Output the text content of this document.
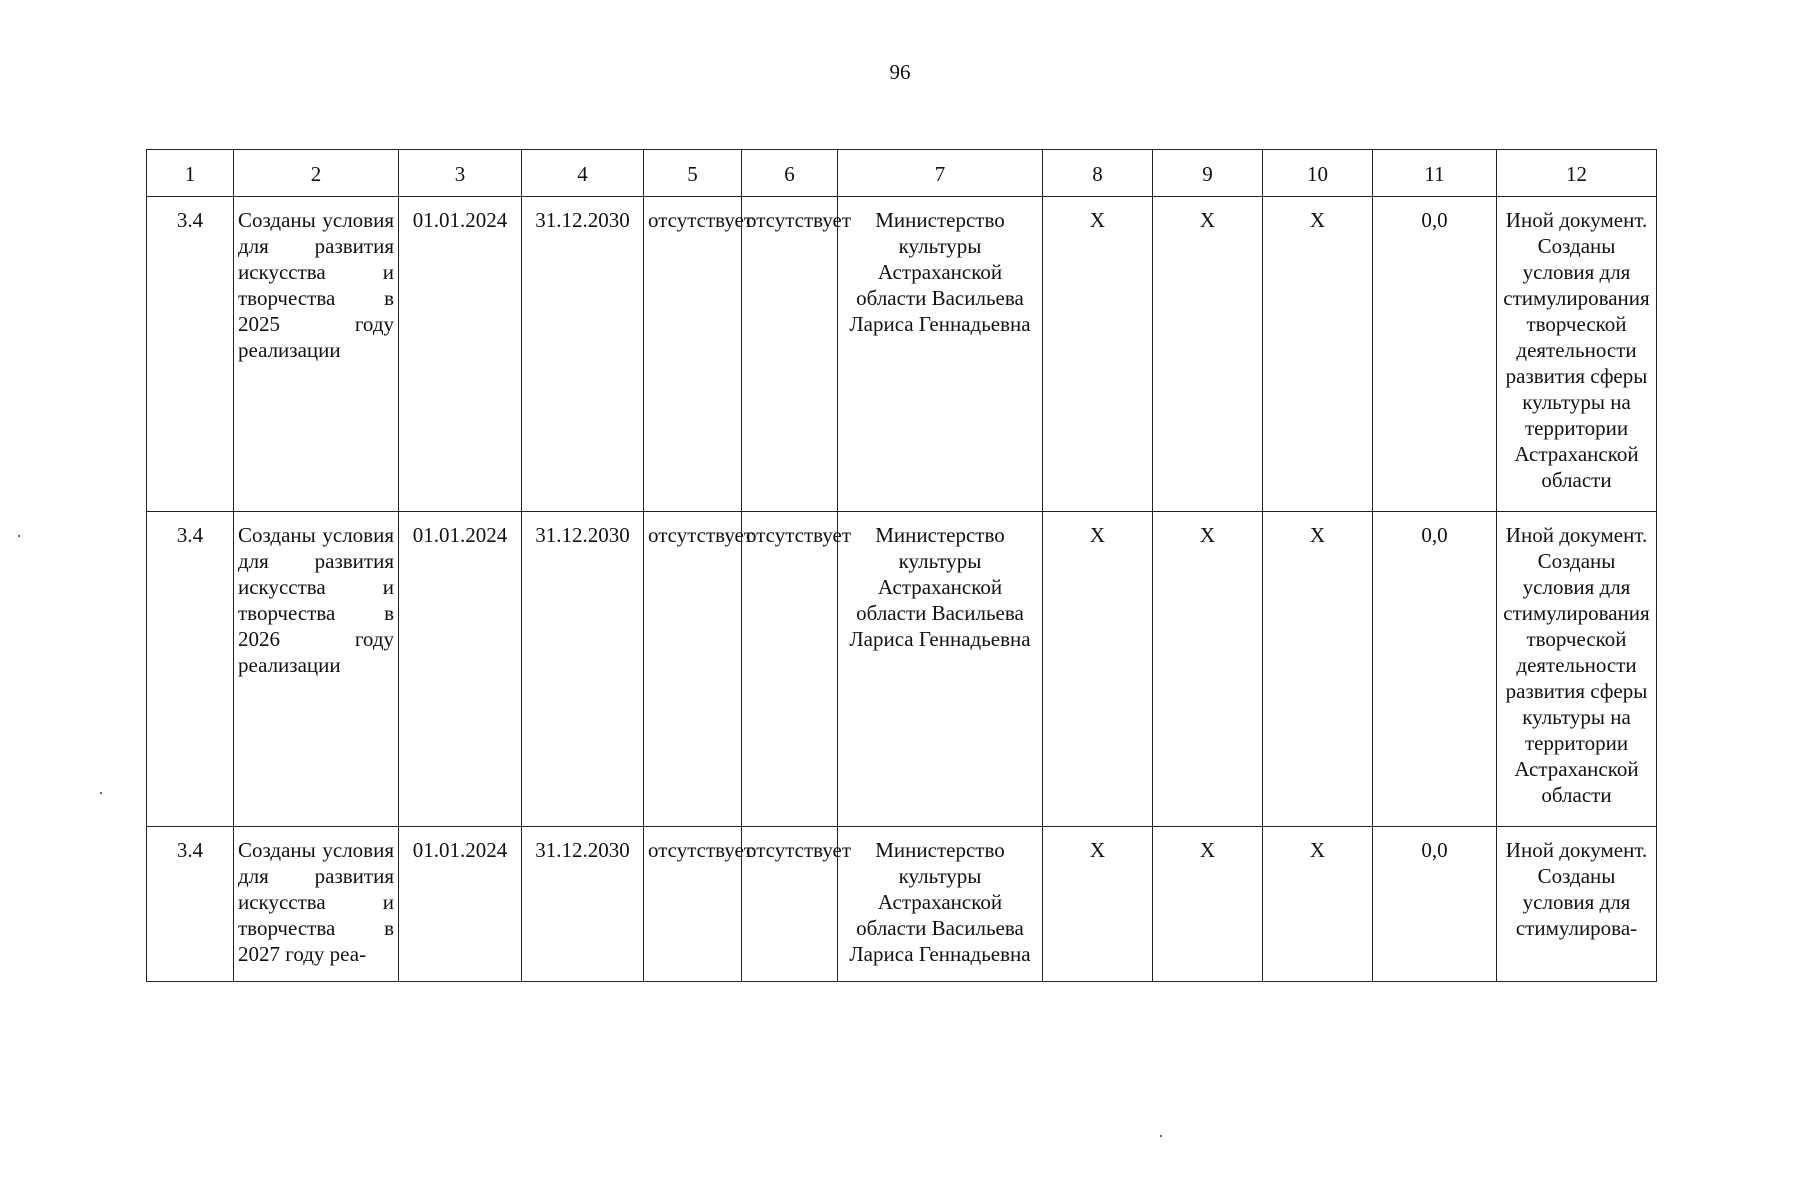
96
1	2	3	4	5	6	7	8	9	10	11	12
3.4	Созданы условия для развития искусства и творчества в 2025 году реализации	01.01.2024	31.12.2030	отсутствует	отсутствует	Министерство культуры Астраханской области Васильева Лариса Геннадьевна	Х	Х	Х	0,0	Иной документ. Созданы условия для стимулирования творческой деятельности развития сферы культуры на территории Астраханской области
3.4	Созданы условия для развития искусства и творчества в 2026 году реализации	01.01.2024	31.12.2030	отсутствует	отсутствует	Министерство культуры Астраханской области Васильева Лариса Геннадьевна	Х	Х	Х	0,0	Иной документ. Созданы условия для стимулирования творческой деятельности развития сферы культуры на территории Астраханской области
3.4	Созданы условия для развития искусства и творчества в 2027 году реа-	01.01.2024	31.12.2030	отсутствует	отсутствует	Министерство культуры Астраханской области Васильева Лариса Геннадьевна	Х	Х	Х	0,0	Иной документ. Созданы условия для стимулирова-
